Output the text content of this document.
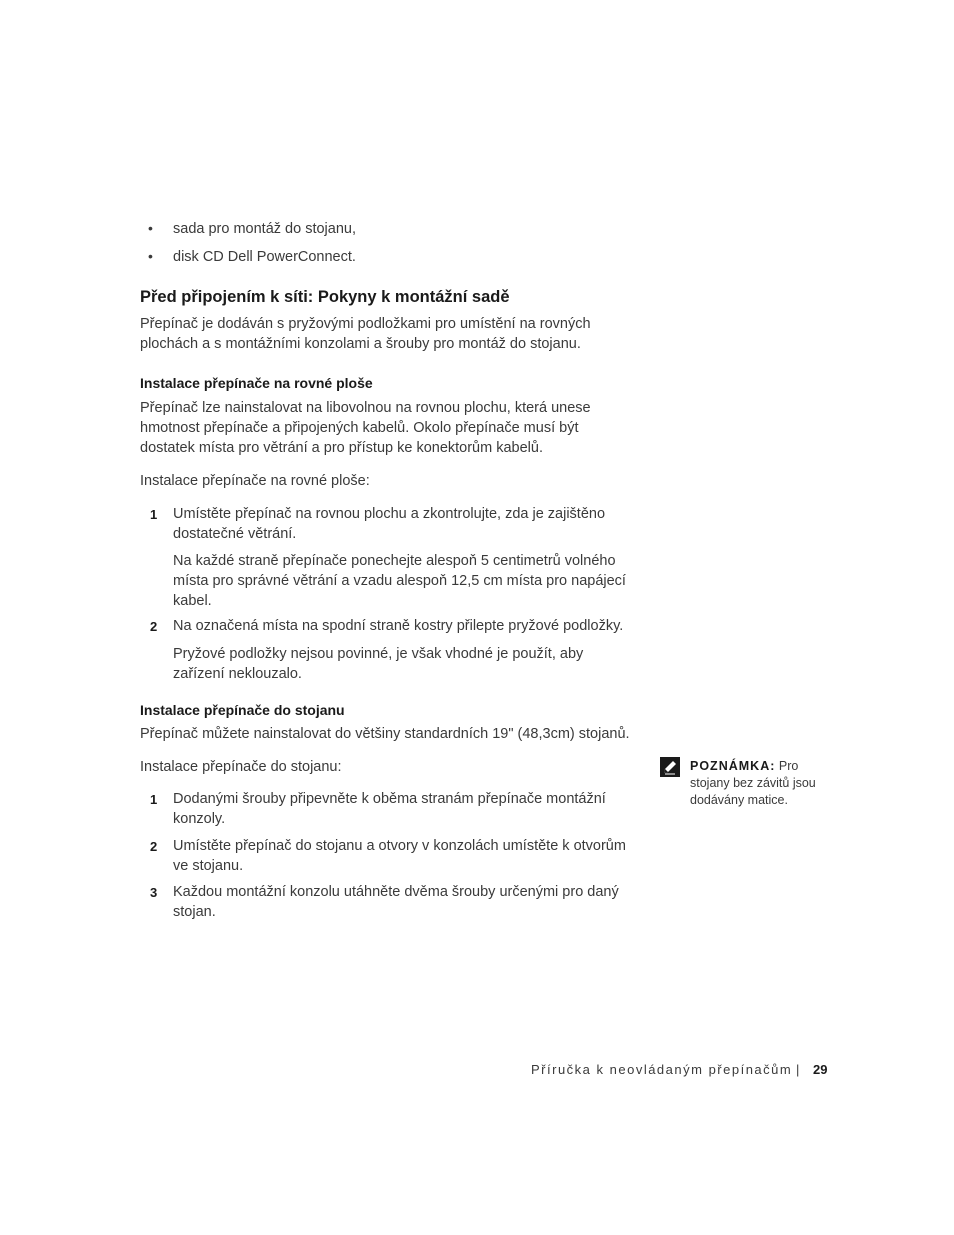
• sada pro montáž do stojanu,
• disk CD Dell PowerConnect.
Před připojením k síti: Pokyny k montážní sadě
Přepínač je dodáván s pryžovými podložkami pro umístění na rovných plochách a s montážními konzolami a šrouby pro montáž do stojanu.
Instalace přepínače na rovné ploše
Přepínač lze nainstalovat na libovolnou na rovnou plochu, která unese hmotnost přepínače a připojených kabelů. Okolo přepínače musí být dostatek místa pro větrání a pro přístup ke konektorům kabelů.
Instalace přepínače na rovné ploše:
1 Umístěte přepínač na rovnou plochu a zkontrolujte, zda je zajištěno dostatečné větrání.
Na každé straně přepínače ponechejte alespoň 5 centimetrů volného místa pro správné větrání a vzadu alespoň 12,5 cm místa pro napájecí kabel.
2 Na označená místa na spodní straně kostry přilepte pryžové podložky.
Pryžové podložky nejsou povinné, je však vhodné je použít, aby zařízení neklouzalo.
Instalace přepínače do stojanu
Přepínač můžete nainstalovat do většiny standardních 19" (48,3cm) stojanů.
Instalace přepínače do stojanu:
1 Dodanými šrouby připevněte k oběma stranám přepínače montážní konzoly.
2 Umístěte přepínač do stojanu a otvory v konzolách umístěte k otvorům ve stojanu.
3 Každou montážní konzolu utáhněte dvěma šrouby určenými pro daný stojan.
POZNÁMKA: Pro stojany bez závitů jsou dodávány matice.
Příručka k neovládaným přepínačům | 29
